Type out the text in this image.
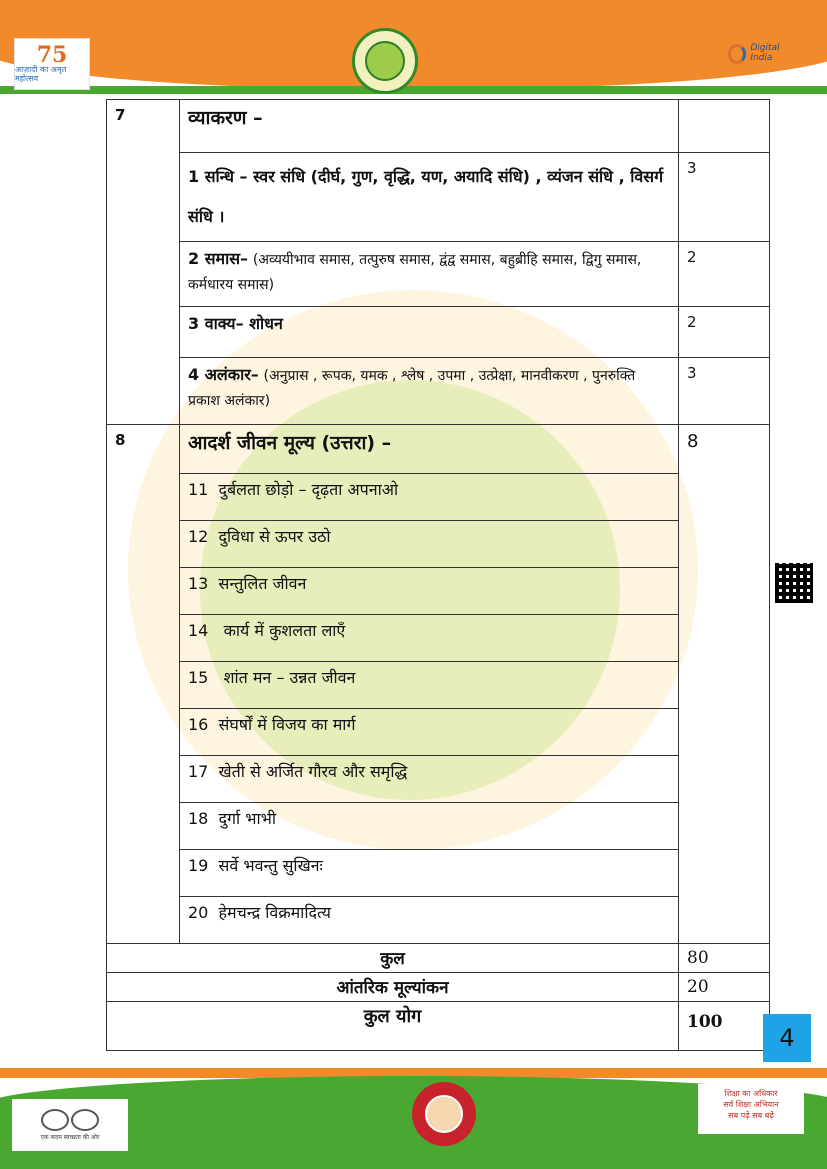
75
आज़ादी का अमृत महोत्सव
Digital India
7	व्याकरण –	
	1 सन्धि – स्वर संधि (दीर्घ, गुण, वृद्धि, यण, अयादि संधि) , व्यंजन संधि , विसर्ग संधि ।	3
	2 समास– (अव्ययीभाव समास, तत्पुरुष समास, द्वंद्व समास, बहुब्रीहि समास, द्विगु समास, कर्मधारय समास)	2
	3 वाक्य– शोधन	2
	4 अलंकार– (अनुप्रास , रूपक, यमक , श्लेष , उपमा , उत्प्रेक्षा, मानवीकरण , पुनरुक्ति प्रकाश अलंकार)	3
8	आदर्श जीवन मूल्य (उत्तरा) –	8
	11 दुर्बलता छोड़ो – दृढ़ता अपनाओ	
	12 दुविधा से ऊपर उठो	
	13 सन्तुलित जीवन	
	14 कार्य में कुशलता लाएँ	
	15 शांत मन – उन्नत जीवन	
	16 संघर्षों में विजय का मार्ग	
	17 खेती से अर्जित गौरव और समृद्धि	
	18 दुर्गा भाभी	
	19 सर्वे भवन्तु सुखिनः	
	20 हेमचन्द्र विक्रमादित्य	
कुल		80
आंतरिक मूल्यांकन		20
कुल योग		100
4
एक कदम स्वच्छता की ओर
शिक्षा का अधिकार
सर्व शिक्षा अभियान
सब पढ़ें सब बढ़ें
